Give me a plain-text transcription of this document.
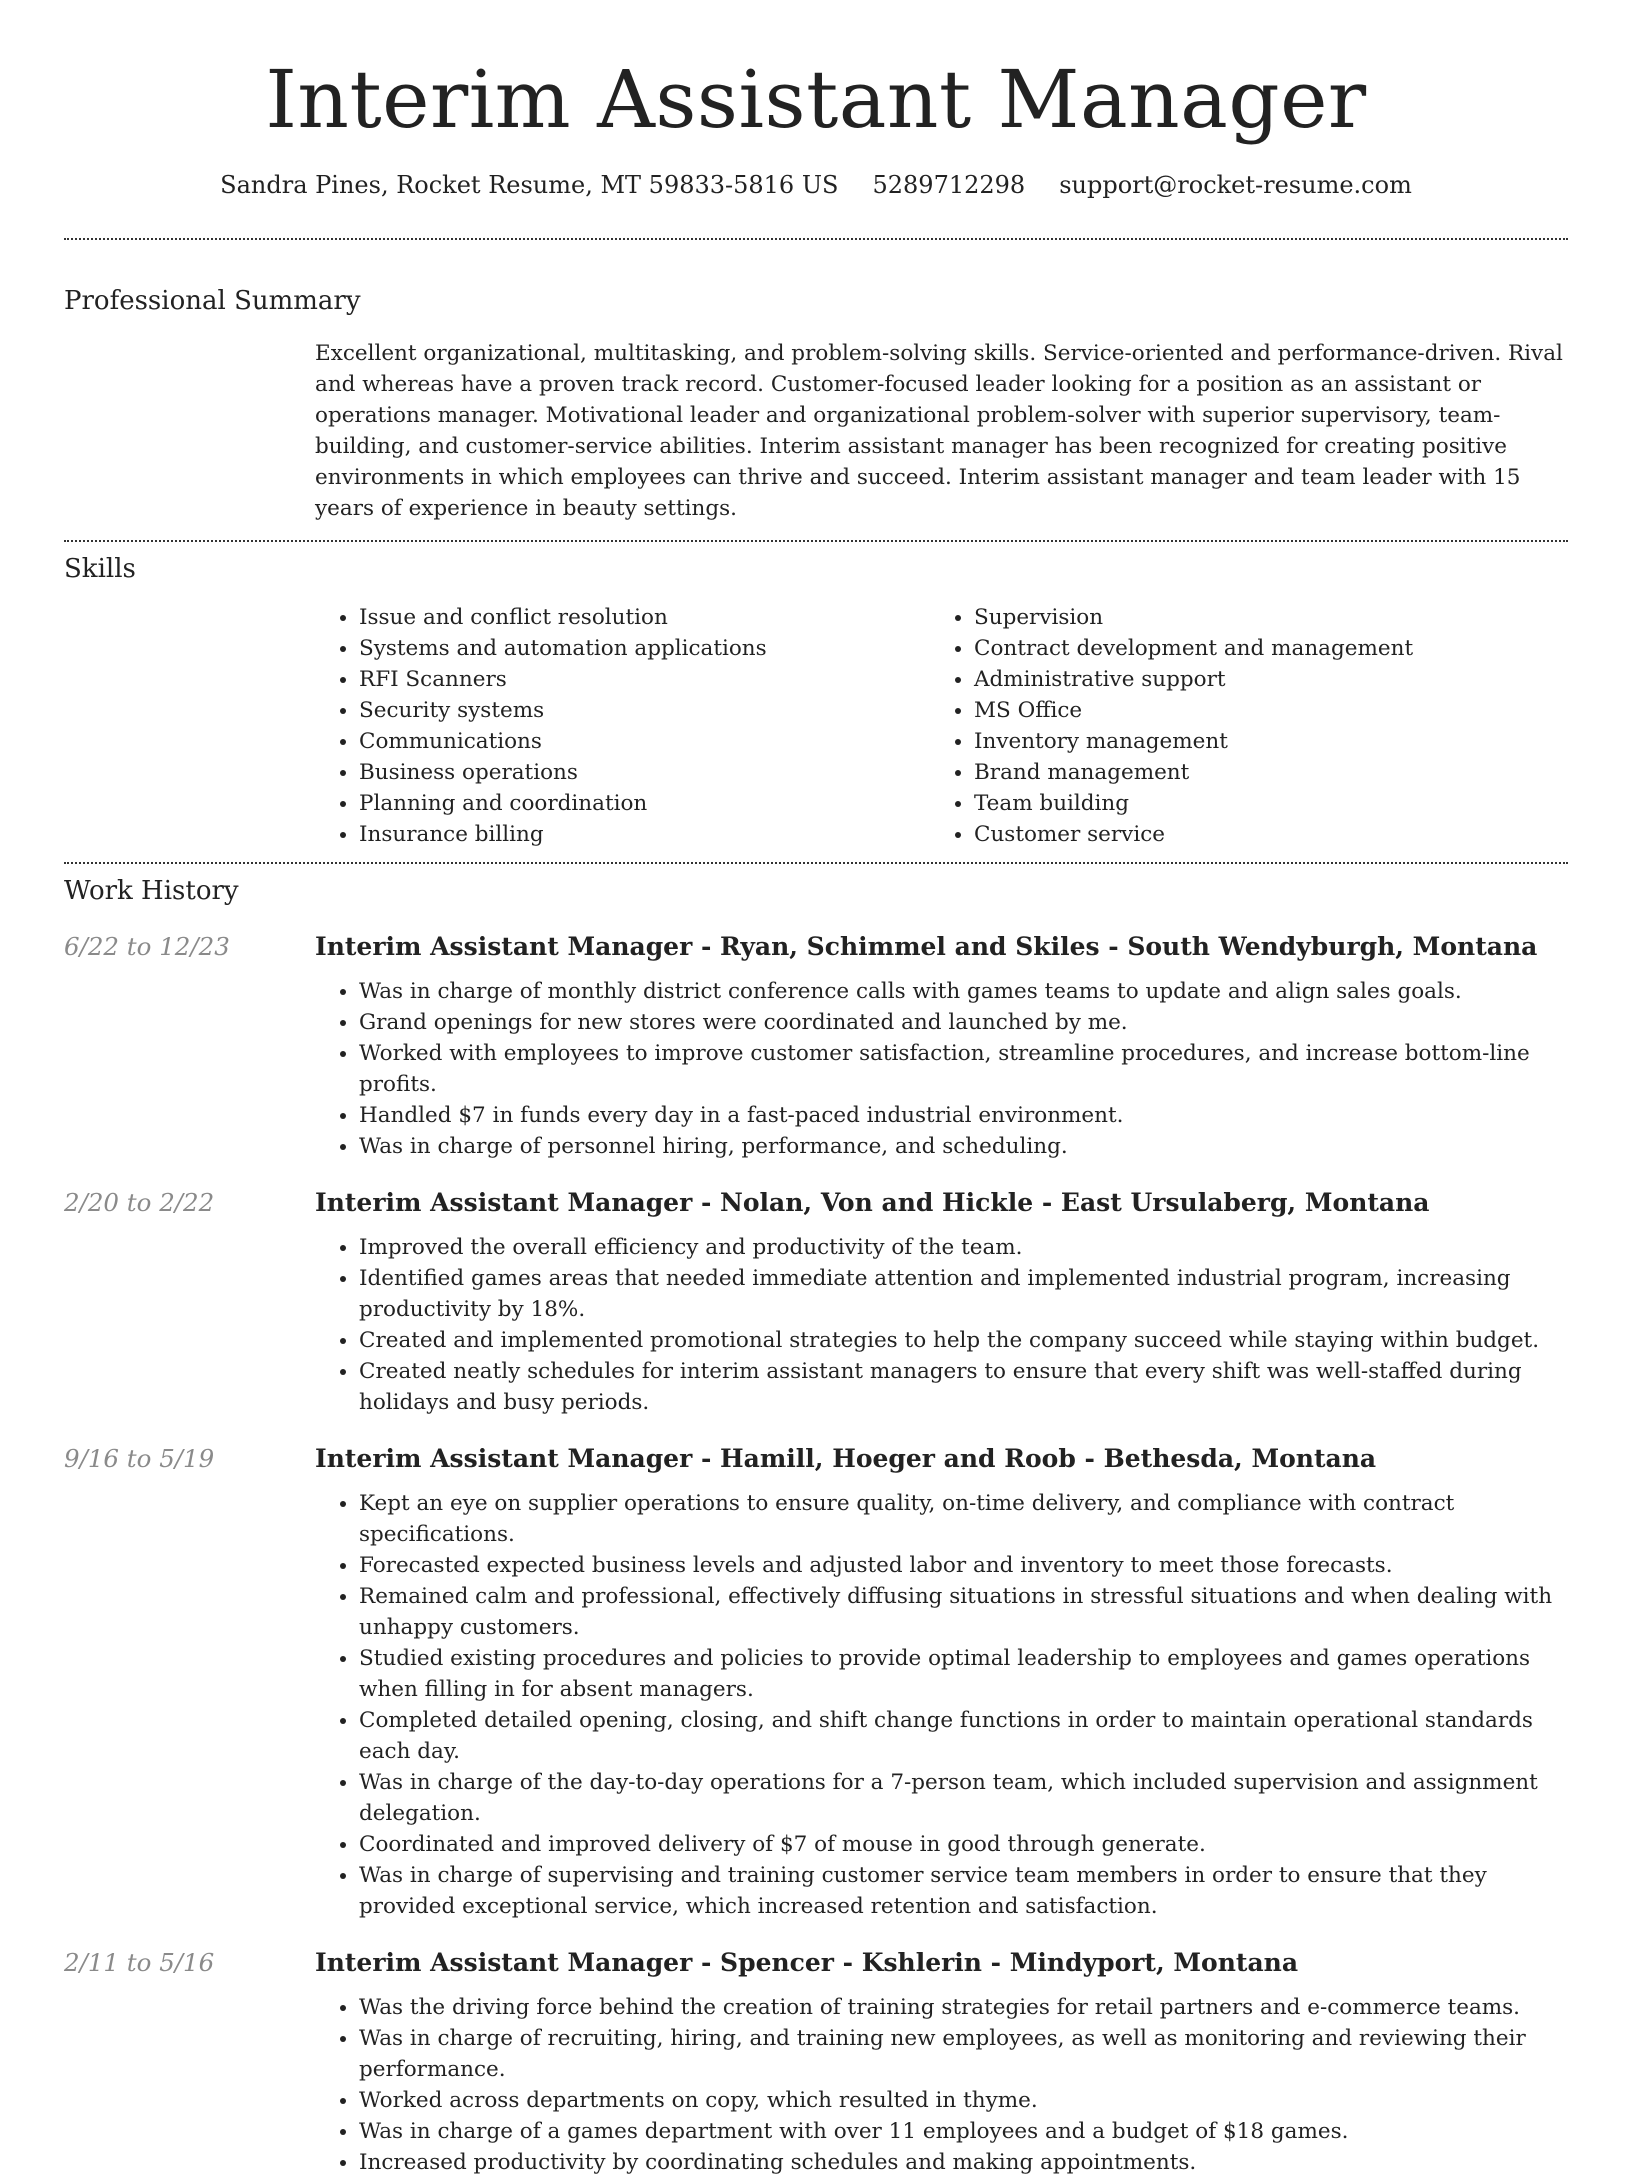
Interim Assistant Manager
Sandra Pines, Rocket Resume, MT 59833-5816 US 5289712298 support@rocket-resume.com
Professional Summary

Excellent organizational, multitasking, and problem-solving skills. Service-oriented and performance-driven. Rival and whereas have a proven track record. Customer-focused leader looking for a position as an assistant or operations manager. Motivational leader and organizational problem-solver with superior supervisory, team-building, and customer-service abilities. Interim assistant manager has been recognized for creating positive environments in which employees can thrive and succeed. Interim assistant manager and team leader with 15 years of experience in beauty settings.

Skills
• Issue and conflict resolution
• Systems and automation applications
• RFI Scanners
• Security systems
• Communications
• Business operations
• Planning and coordination
• Insurance billing
• Supervision
• Contract development and management
• Administrative support
• MS Office
• Inventory management
• Brand management
• Team building
• Customer service
Work History
6/22 to 12/23	Interim Assistant Manager - Ryan, Schimmel and Skiles - South Wendyburgh, Montana
• Was in charge of monthly district conference calls with games teams to update and align sales goals.
• Grand openings for new stores were coordinated and launched by me.
• Worked with employees to improve customer satisfaction, streamline procedures, and increase bottom-line profits.
• Handled $7 in funds every day in a fast-paced industrial environment.
• Was in charge of personnel hiring, performance, and scheduling.
2/20 to 2/22	Interim Assistant Manager - Nolan, Von and Hickle - East Ursulaberg, Montana
• Improved the overall efficiency and productivity of the team.
• Identified games areas that needed immediate attention and implemented industrial program, increasing productivity by 18%.
• Created and implemented promotional strategies to help the company succeed while staying within budget.
• Created neatly schedules for interim assistant managers to ensure that every shift was well-staffed during holidays and busy periods.
9/16 to 5/19	Interim Assistant Manager - Hamill, Hoeger and Roob - Bethesda, Montana
• Kept an eye on supplier operations to ensure quality, on-time delivery, and compliance with contract specifications.
• Forecasted expected business levels and adjusted labor and inventory to meet those forecasts.
• Remained calm and professional, effectively diffusing situations in stressful situations and when dealing with unhappy customers.
• Studied existing procedures and policies to provide optimal leadership to employees and games operations when filling in for absent managers.
• Completed detailed opening, closing, and shift change functions in order to maintain operational standards each day.
• Was in charge of the day-to-day operations for a 7-person team, which included supervision and assignment delegation.
• Coordinated and improved delivery of $7 of mouse in good through generate.
• Was in charge of supervising and training customer service team members in order to ensure that they provided exceptional service, which increased retention and satisfaction.
2/11 to 5/16	Interim Assistant Manager - Spencer - Kshlerin - Mindyport, Montana
• Was the driving force behind the creation of training strategies for retail partners and e-commerce teams.
• Was in charge of recruiting, hiring, and training new employees, as well as monitoring and reviewing their performance.
• Worked across departments on copy, which resulted in thyme.
• Was in charge of a games department with over 11 employees and a budget of $18 games.
• Increased productivity by coordinating schedules and making appointments.
